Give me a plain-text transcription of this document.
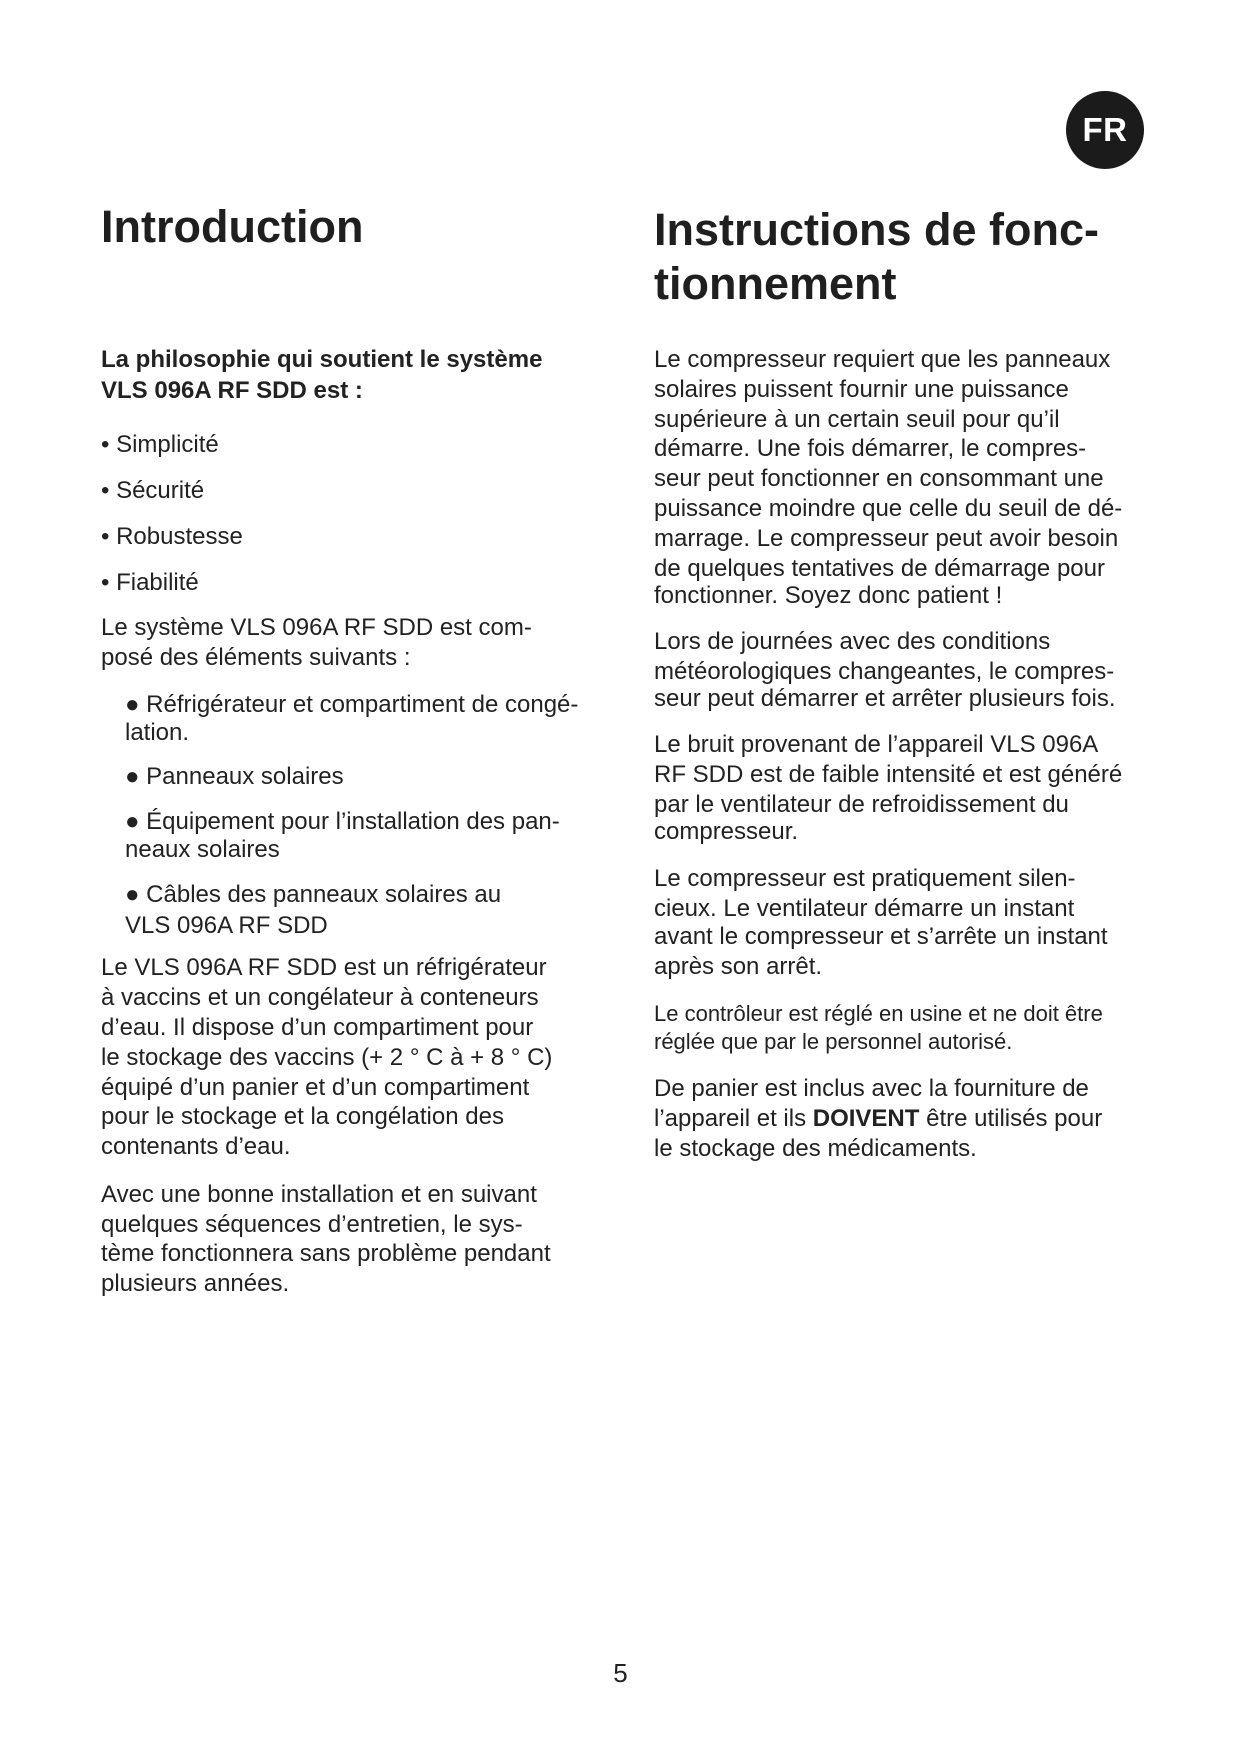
FR
Introduction

La philosophie qui soutient le système

VLS 096A RF SDD est :

• Simplicité

• Sécurité

• Robustesse

• Fiabilité

Le système VLS 096A RF SDD est com-

posé des éléments suivants :

● Réfrigérateur et compartiment de congé-

lation.

● Panneaux solaires

● Équipement pour l’installation des pan-

neaux solaires

● Câbles des panneaux solaires au

VLS 096A RF SDD

Le VLS 096A RF SDD est un réfrigérateur

à vaccins et un congélateur à conteneurs

d’eau. Il dispose d’un compartiment pour

le stockage des vaccins (+ 2 ° C à + 8 ° C)

équipé d’un panier et d’un compartiment

pour le stockage et la congélation des

contenants d’eau.

Avec une bonne installation et en suivant

quelques séquences d’entretien, le sys-

tème fonctionnera sans problème pendant

plusieurs années.

Instructions de fonc-
tionnement

Le compresseur requiert que les panneaux

solaires puissent fournir une puissance

supérieure à un certain seuil pour qu’il

démarre. Une fois démarrer, le compres-

seur peut fonctionner en consommant une

puissance moindre que celle du seuil de dé-

marrage. Le compresseur peut avoir besoin

de quelques tentatives de démarrage pour

fonctionner. Soyez donc patient !

Lors de journées avec des conditions

météorologiques changeantes, le compres-

seur peut démarrer et arrêter plusieurs fois.

Le bruit provenant de l’appareil VLS 096A

RF SDD est de faible intensité et est généré

par le ventilateur de refroidissement du

compresseur.

Le compresseur est pratiquement silen-

cieux. Le ventilateur démarre un instant

avant le compresseur et s’arrête un instant

après son arrêt.

Le contrôleur est réglé en usine et ne doit être

réglée que par le personnel autorisé.

De panier est inclus avec la fourniture de

l’appareil et ils DOIVENT être utilisés pour

le stockage des médicaments.

5
